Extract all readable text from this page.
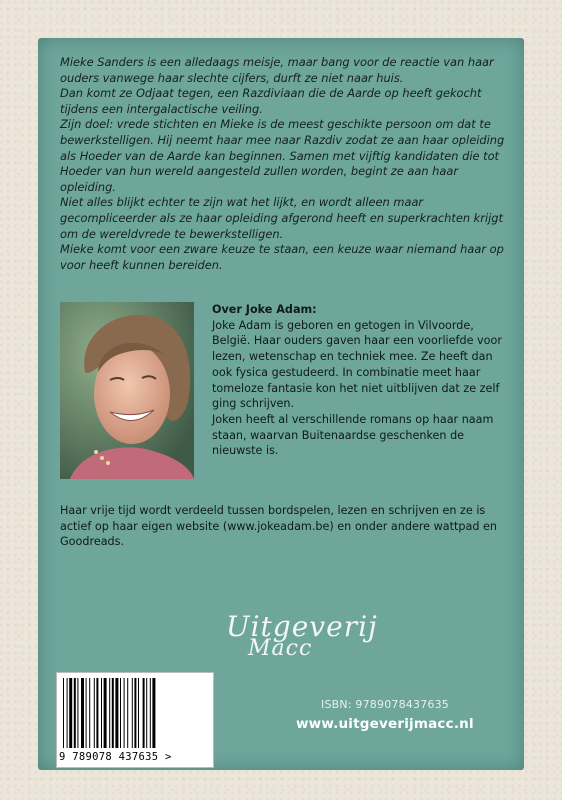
Mieke Sanders is een alledaags meisje, maar bang voor de reactie van haar ouders vanwege haar slechte cijfers, durft ze niet naar huis.

Dan komt ze Odjaat tegen, een Razdiviaan die de Aarde op heeft gekocht tijdens een intergalactische veiling.

Zijn doel: vrede stichten en Mieke is de meest geschikte persoon om dat te bewerkstelligen. Hij neemt haar mee naar Razdiv zodat ze aan haar opleiding als Hoeder van de Aarde kan beginnen. Samen met vijftig kandidaten die tot Hoeder van hun wereld aangesteld zullen worden, begint ze aan haar opleiding.

Niet alles blijkt echter te zijn wat het lijkt, en wordt alleen maar gecompliceerder als ze haar opleiding afgerond heeft en superkrachten krijgt om de wereldvrede te bewerkstelligen.

Mieke komt voor een zware keuze te staan, een keuze waar niemand haar op voor heeft kunnen bereiden.

Over Joke Adam:

Joke Adam is geboren en getogen in Vilvoorde, België. Haar ouders gaven haar een voorliefde voor lezen, wetenschap en techniek mee. Ze heeft dan ook fysica gestudeerd. In combinatie meet haar tomeloze fantasie kon het niet uitblijven dat ze zelf ging schrijven.

Joken heeft al verschillende romans op haar naam staan, waarvan Buitenaardse geschenken de nieuwste is.

Haar vrije tijd wordt verdeeld tussen bordspelen, lezen en schrijven en ze is actief op haar eigen website (www.jokeadam.be) en onder andere wattpad en Goodreads.

Uitgeverij
Macc
9 789078 437635 >
ISBN: 9789078437635
www.uitgeverijmacc.nl
